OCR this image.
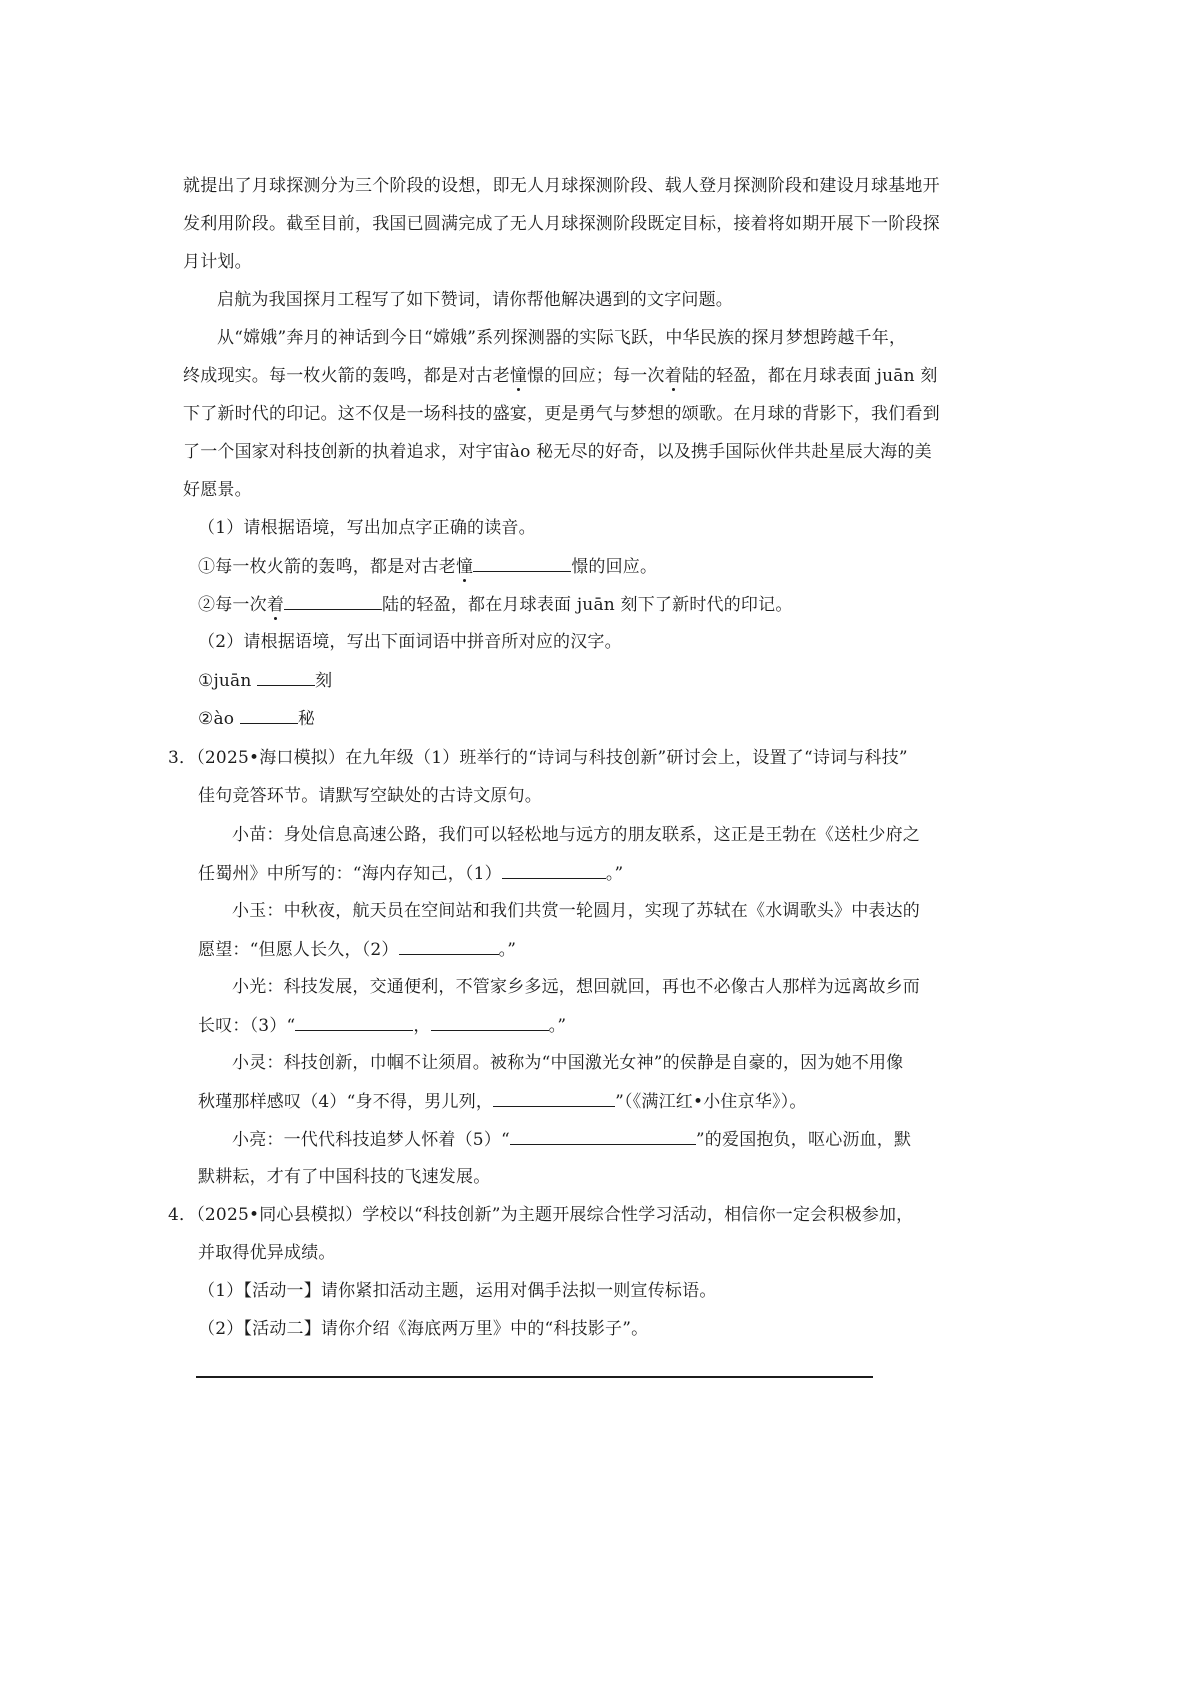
就提出了月球探测分为三个阶段的设想，即无人月球探测阶段、载人登月探测阶段和建设月球基地开
发利用阶段。截至目前，我国已圆满完成了无人月球探测阶段既定目标，接着将如期开展下一阶段探
月计划。
启航为我国探月工程写了如下赞词，请你帮他解决遇到的文字问题。
从“嫦娥”奔月的神话到今日“嫦娥”系列探测器的实际飞跃，中华民族的探月梦想跨越千年，
终成现实。每一枚火箭的轰鸣，都是对古老憧憬的回应；每一次着陆的轻盈，都在月球表面 juān 刻
下了新时代的印记。这不仅是一场科技的盛宴，更是勇气与梦想的颂歌。在月球的背影下，我们看到
了一个国家对科技创新的执着追求，对宇宙ào 秘无尽的好奇，以及携手国际伙伴共赴星辰大海的美
好愿景。
（1）请根据语境，写出加点字正确的读音。
①每一枚火箭的轰鸣，都是对古老憧	憬的回应。
②每一次着	陆的轻盈，都在月球表面 juān 刻下了新时代的印记。
（2）请根据语境，写出下面词语中拼音所对应的汉字。
①juān	刻
②ào	秘
3．（2025•海口模拟）在九年级（1）班举行的“诗词与科技创新”研讨会上，设置了“诗词与科技”
佳句竞答环节。请默写空缺处的古诗文原句。
小苗：身处信息高速公路，我们可以轻松地与远方的朋友联系，这正是王勃在《送杜少府之
任蜀州》中所写的：“海内存知己，（1）	。”
小玉：中秋夜，航天员在空间站和我们共赏一轮圆月，实现了苏轼在《水调歌头》中表达的
愿望：“但愿人长久，（2）	。”
小光：科技发展，交通便利，不管家乡多远，想回就回，再也不必像古人那样为远离故乡而
长叹：（3）“	，	。”
小灵：科技创新，巾帼不让须眉。被称为“中国激光女神”的侯静是自豪的，因为她不用像
秋瑾那样感叹（4）“身不得，男儿列，	”（《满江红•小住京华》）。
小亮：一代代科技追梦人怀着（5）“	”的爱国抱负，呕心沥血，默
默耕耘，才有了中国科技的飞速发展。
4．（2025•同心县模拟）学校以“科技创新”为主题开展综合性学习活动，相信你一定会积极参加，
并取得优异成绩。
（1）【活动一】请你紧扣活动主题，运用对偶手法拟一则宣传标语。
（2）【活动二】请你介绍《海底两万里》中的“科技影子”。
